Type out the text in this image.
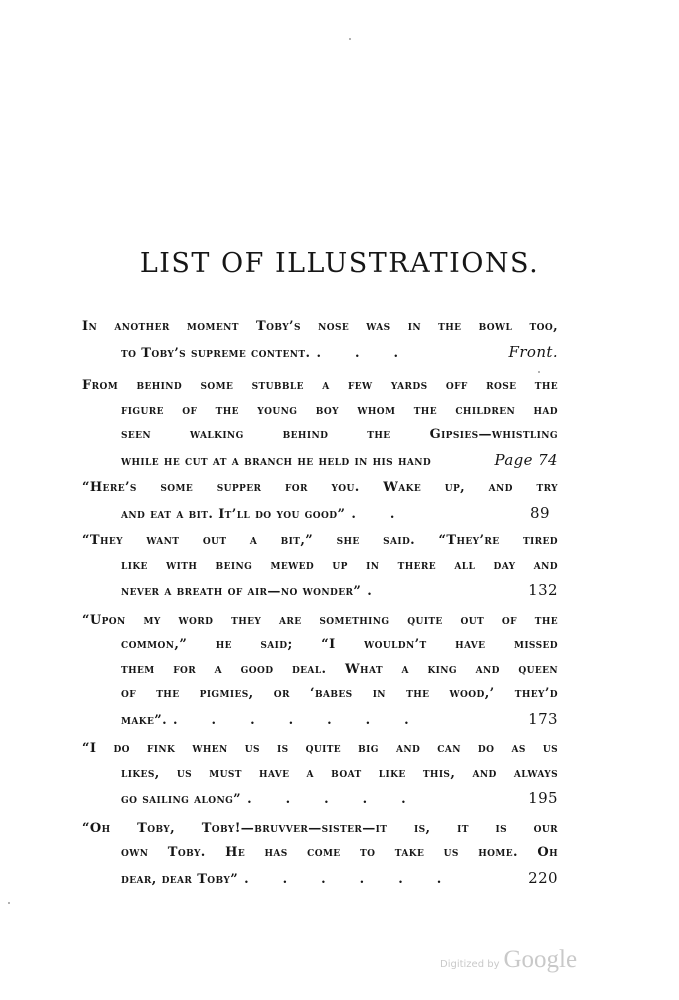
LIST OF ILLUSTRATIONS.
In another moment Toby’s nose was in the bowl too,
to Toby’s supreme content. ...	Front.
From behind some stubble a few yards off rose the
figure of the young boy whom the children had
seen walking behind the Gipsies—whistling
while he cut at a branch he held in his hand	Page 74
“Here’s some supper for you. Wake up, and try
and eat a bit. It’ll do you good” ..	89
“They want out a bit,” she said. “They’re tired
like with being mewed up in there all day and
never a breath of air—no wonder” .	132
“Upon my word they are something quite out of the
common,” he said; “I wouldn’t have missed
them for a good deal. What a king and queen
of the pigmies, or ‘babes in the wood,’ they’d
make”. .......	173
“I do fink when us is quite big and can do as us
likes, us must have a boat like this, and always
go sailing along” .....	195
“Oh Toby, Toby!—bruvver—sister—it is, it is our
own Toby. He has come to take us home. Oh
dear, dear Toby” ......	220
Digitized by Google
